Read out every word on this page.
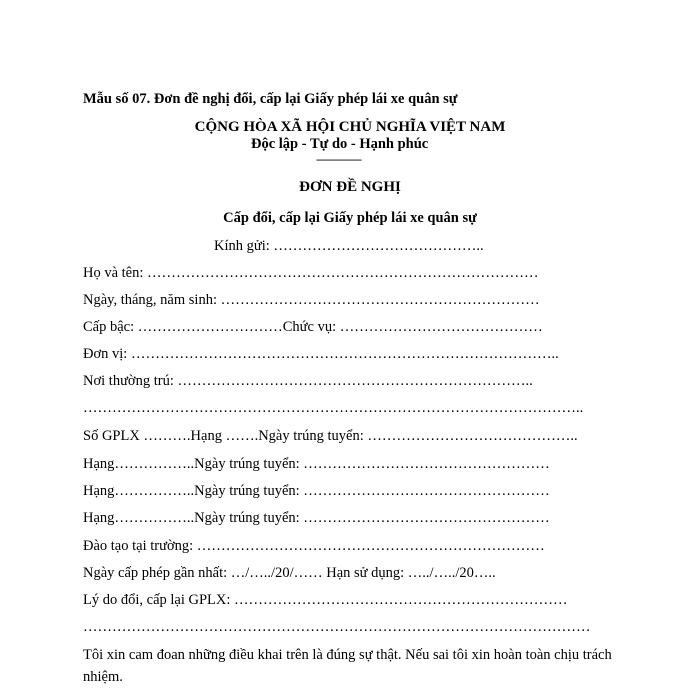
Mẫu số 07. Đơn đề nghị đổi, cấp lại Giấy phép lái xe quân sự
CỘNG HÒA XÃ HỘI CHỦ NGHĨA VIỆT NAM
Độc lập - Tự do - Hạnh phúc
---------------
ĐƠN ĐỀ NGHỊ
Cấp đổi, cấp lại Giấy phép lái xe quân sự
Kính gửi: ……………………………………..
Họ và tên: ………………………………………………………………………
Ngày, tháng, năm sinh: …………………………………………………………
Cấp bậc: …………………………Chức vụ: ……………………………………
Đơn vị: ……………………………………………………………………………..
Nơi thường trú: ………………………………………………………………..
…………………………………………………………………………………………..
Số GPLX ……….Hạng …….Ngày trúng tuyển: ……………………………………..
Hạng……………..Ngày trúng tuyển: ……………………………………………
Hạng……………..Ngày trúng tuyển: ……………………………………………
Hạng……………..Ngày trúng tuyển: ……………………………………………
Đào tạo tại trường: ………………………………………………………………
Ngày cấp phép gần nhất: …/…../20/…… Hạn sử dụng: …../…../20…..
Lý do đổi, cấp lại GPLX: ……………………………………………………………
……………………………………………………………………………………………
Tôi xin cam đoan những điều khai trên là đúng sự thật. Nếu sai tôi xin hoàn toàn chịu trách nhiệm.
